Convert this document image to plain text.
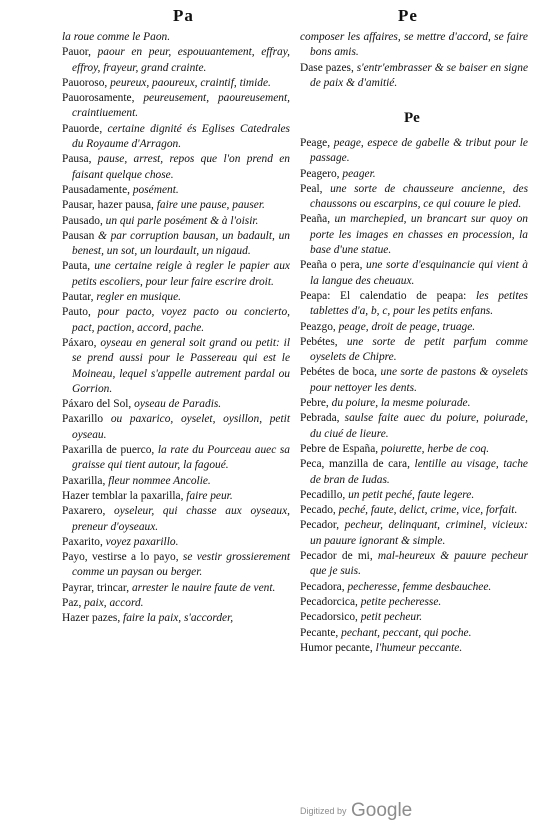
Pa	Pe
la roue comme le Paon.
Pauor, paour en peur, espouuantement, effray, effroy, frayeur, grand crainte.
Pauoroso, peureux, paoureux, craintif, timide.
Pauorosamente, peureusement, paoureusement, craintiuement.
Pauorde, certaine dignité és Eglises Catedrales du Royaume d'Arragon.
Pausa, pause, arrest, repos que l'on prend en faisant quelque chose.
Pausadamente, posément.
Pausar, hazer pausa, faire une pause, pauser.
Pausado, un qui parle posément & à l'oisir.
Pausan & par corruption bausan, un badault, un benest, un sot, un lourdault, un nigaud.
Pauta, une certaine reigle à regler le papier aux petits escoliers, pour leur faire escrire droit.
Pautar, regler en musique.
Pauto, pour pacto, voyez pacto ou concierto, pact, paction, accord, pache.
Páxaro, oyseau en general soit grand ou petit: il se prend aussi pour le Passereau qui est le Moineau, lequel s'appelle autrement pardal ou Gorrion.
Páxaro del Sol, oyseau de Paradis.
Paxarillo ou paxarico, oyselet, oysillon, petit oyseau.
Paxarilla de puerco, la rate du Pourceau auec sa graisse qui tient autour, la fagoué.
Paxarilla, fleur nommee Ancolie.
Hazer temblar la paxarilla, faire peur.
Paxarero, oyseleur, qui chasse aux oyseaux, preneur d'oyseaux.
Paxarito, voyez paxarillo.
Payo, vestirse a lo payo, se vestir grossierement comme un paysan ou berger.
Payrar, trincar, arrester le nauire faute de vent.
Paz, paix, accord.
Hazer pazes, faire la paix, s'accorder,
composer les affaires, se mettre d'accord, se faire bons amis.
Dase pazes, s'entr'embrasser & se baiser en signe de paix & d'amitié.
Peage, peage, espece de gabelle & tribut pour le passage.
Peagero, peager.
Peal, une sorte de chausseure ancienne, des chaussons ou escarpins, ce qui couure le pied.
Peaña, un marchepied, un brancart sur quoy on porte les images en chasses en procession, la base d'une statue.
Peaña o pera, une sorte d'esquinancie qui vient à la langue des cheuaux.
Peapa: El calendatio de peapa: les petites tablettes d'a, b, c, pour les petits enfans.
Peazgo, peage, droit de peage, truage.
Pebétes, une sorte de petit parfum comme oyselets de Chipre.
Pebétes de boca, une sorte de pastons & oyselets pour nettoyer les dents.
Pebre, du poiure, la mesme poiurade.
Pebrada, saulse faite auec du poiure, poiurade, du ciué de lieure.
Pebre de España, poiurette, herbe de coq.
Peca, manzilla de cara, lentille au visage, tache de bran de Iudas.
Pecadillo, un petit peché, faute legere.
Pecado, peché, faute, delict, crime, vice, forfait.
Pecador, pecheur, delinquant, criminel, vicieux: un pauure ignorant & simple.
Pecador de mi, mal-heureux & pauure pecheur que je suis.
Pecadora, pecheresse, femme desbauchee.
Pecadorcica, petite pecheresse.
Pecadorsico, petit pecheur.
Pecante, pechant, peccant, qui poche.
Humor pecante, l'humeur peccante.
Pe
Digitized by Google
